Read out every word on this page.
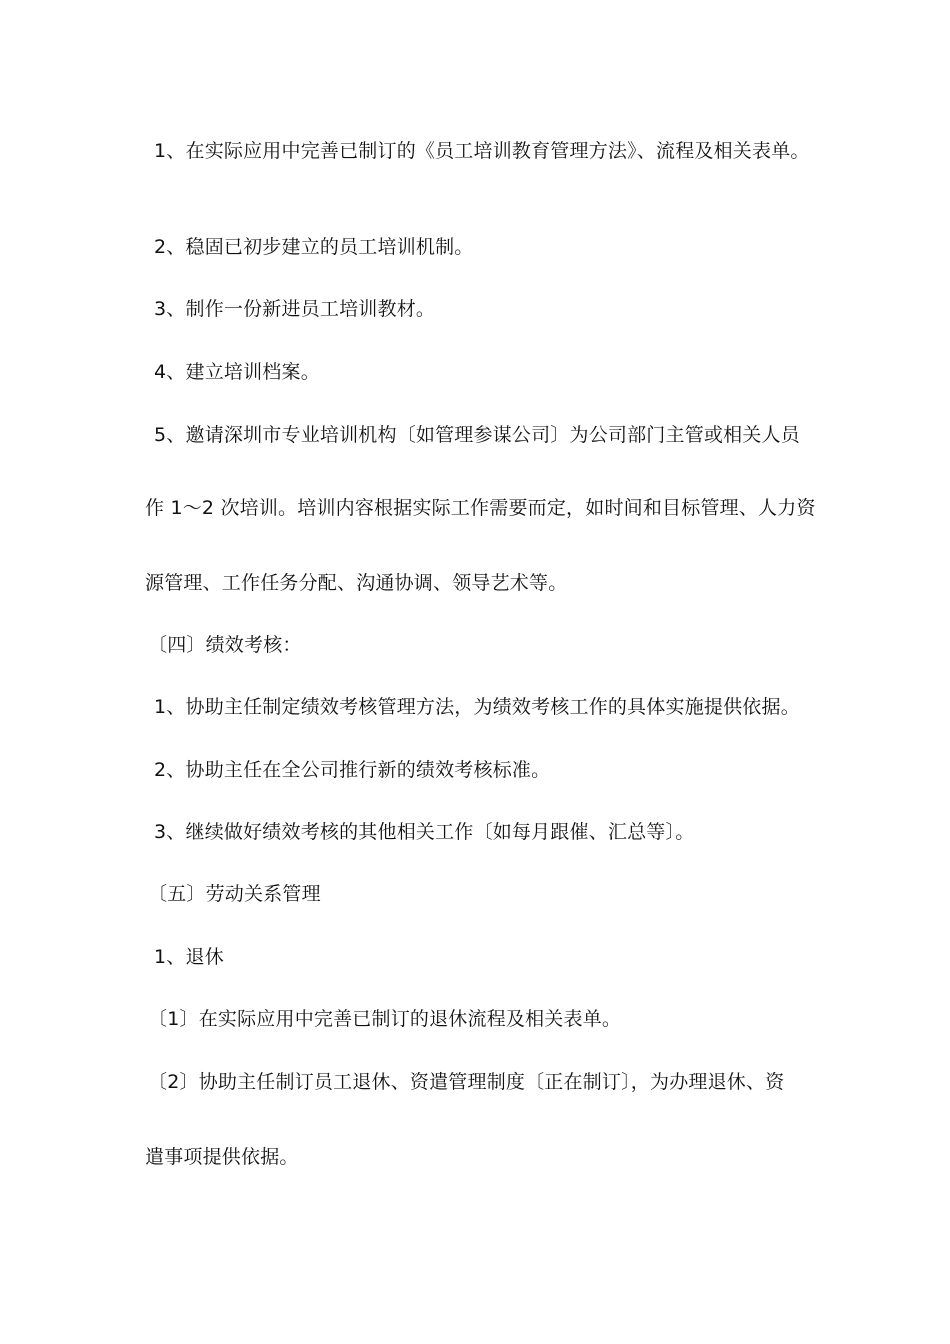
1、在实际应用中完善已制订的《员工培训教育管理方法》、流程及相关表单。
2、稳固已初步建立的员工培训机制。
3、制作一份新进员工培训教材。
4、建立培训档案。
5、邀请深圳市专业培训机构〔如管理参谋公司〕为公司部门主管或相关人员
作 1～2 次培训。培训内容根据实际工作需要而定，如时间和目标管理、人力资
源管理、工作任务分配、沟通协调、领导艺术等。
〔四〕绩效考核：
1、协助主任制定绩效考核管理方法，为绩效考核工作的具体实施提供依据。
2、协助主任在全公司推行新的绩效考核标准。
3、继续做好绩效考核的其他相关工作〔如每月跟催、汇总等〕。
〔五〕劳动关系管理
1、退休
〔1〕在实际应用中完善已制订的退休流程及相关表单。
〔2〕协助主任制订员工退休、资遣管理制度〔正在制订〕，为办理退休、资
遣事项提供依据。
